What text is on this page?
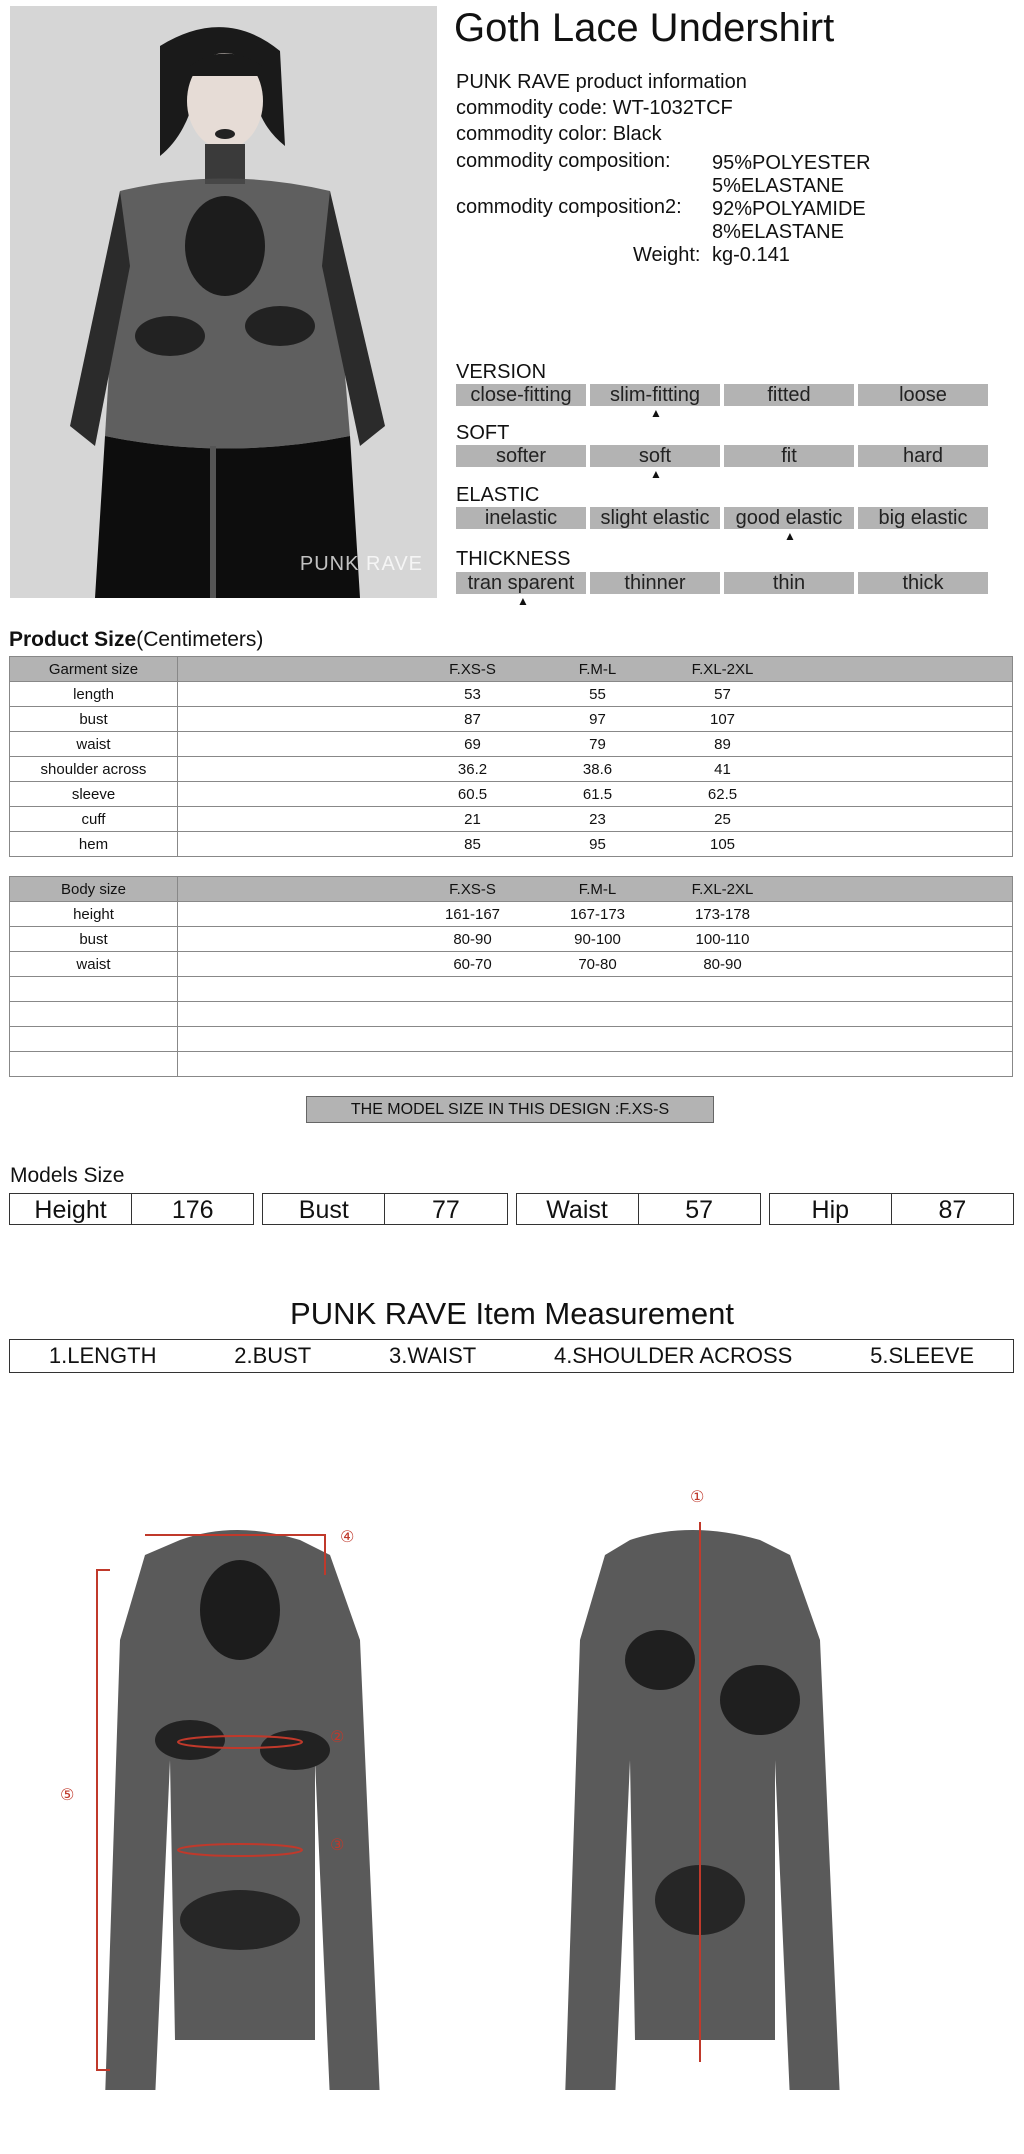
PUNK RAVE
Goth Lace Undershirt
PUNK RAVE product information
commodity code: WT-1032TCF
commodity color: Black
commodity composition: 95%POLYESTER
5%ELASTANE
commodity composition2: 92%POLYAMIDE
8%ELASTANE
Weight: kg-0.141
VERSION
close-fitting	slim-fitting	fitted	loose
▲
SOFT
softer	soft	fit	hard
▲
ELASTIC
inelastic	slight elastic	good elastic	big elastic
▲
THICKNESS
tran sparent	thinner	thin	thick
▲
Product Size(Centimeters)
Garment size	F.XS-S F.M-L F.XL-2XL

length	53 55 57

bust	87 97 107

waist	69 79 89

shoulder across	36.2 38.6 41

sleeve	60.5 61.5 62.5

cuff	21 23 25

hem	85 95 105
Body size	F.XS-S F.M-L F.XL-2XL

height	161-167 167-173 173-178

bust	80-90 90-100 100-110

waist	60-70 70-80 80-90

THE MODEL SIZE IN THIS DESIGN :F.XS-S
Models Size
Height	176	Bust	77	Waist	57	Hip	87
PUNK RAVE Item Measurement
1.LENGTH	2.BUST	3.WAIST	4.SHOULDER ACROSS	5.SLEEVE
①
②
③
④
⑤
